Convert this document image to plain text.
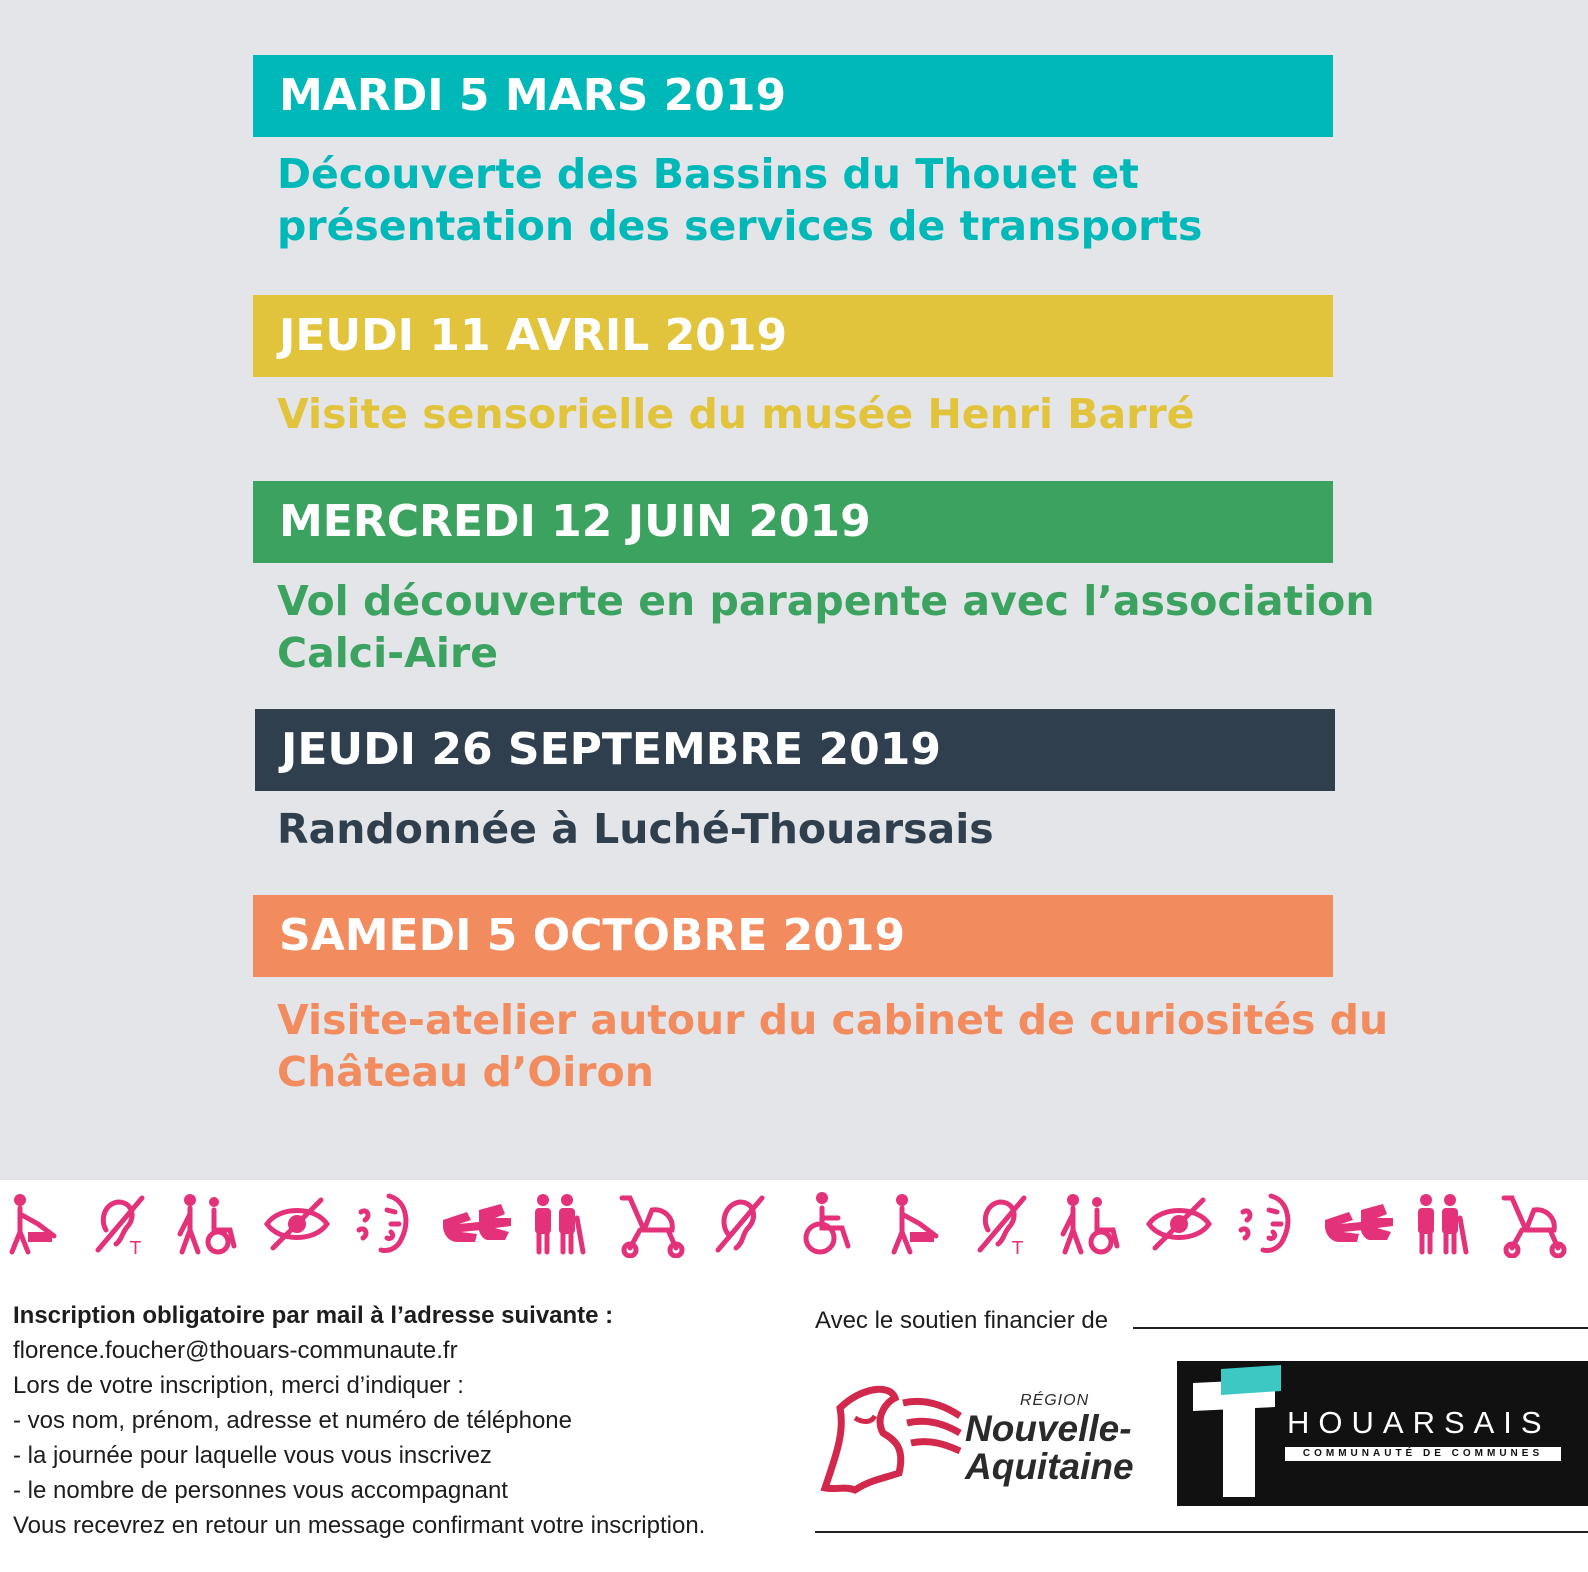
MARDI 5 MARS 2019
Découverte des Bassins du Thouet et
présentation des services de transports
JEUDI 11 AVRIL 2019
Visite sensorielle du musée Henri Barré
MERCREDI 12 JUIN 2019
Vol découverte en parapente avec l’association
Calci-Aire
JEUDI 26 SEPTEMBRE 2019
Randonnée à Luché-Thouarsais
SAMEDI 5 OCTOBRE 2019
Visite-atelier autour du cabinet de curiosités du
Château d’Oiron
T	T
Inscription obligatoire par mail à l’adresse suivante :
florence.foucher@thouars-communaute.fr
Lors de votre inscription, merci d’indiquer :
- vos nom, prénom, adresse et numéro de téléphone
- la journée pour laquelle vous vous inscrivez
- le nombre de personnes vous accompagnant
Vous recevrez en retour un message confirmant votre inscription.
Avec le soutien financier de
RÉGION
Nouvelle-
Aquitaine
HOUARSAIS
COMMUNAUTÉ DE COMMUNES
